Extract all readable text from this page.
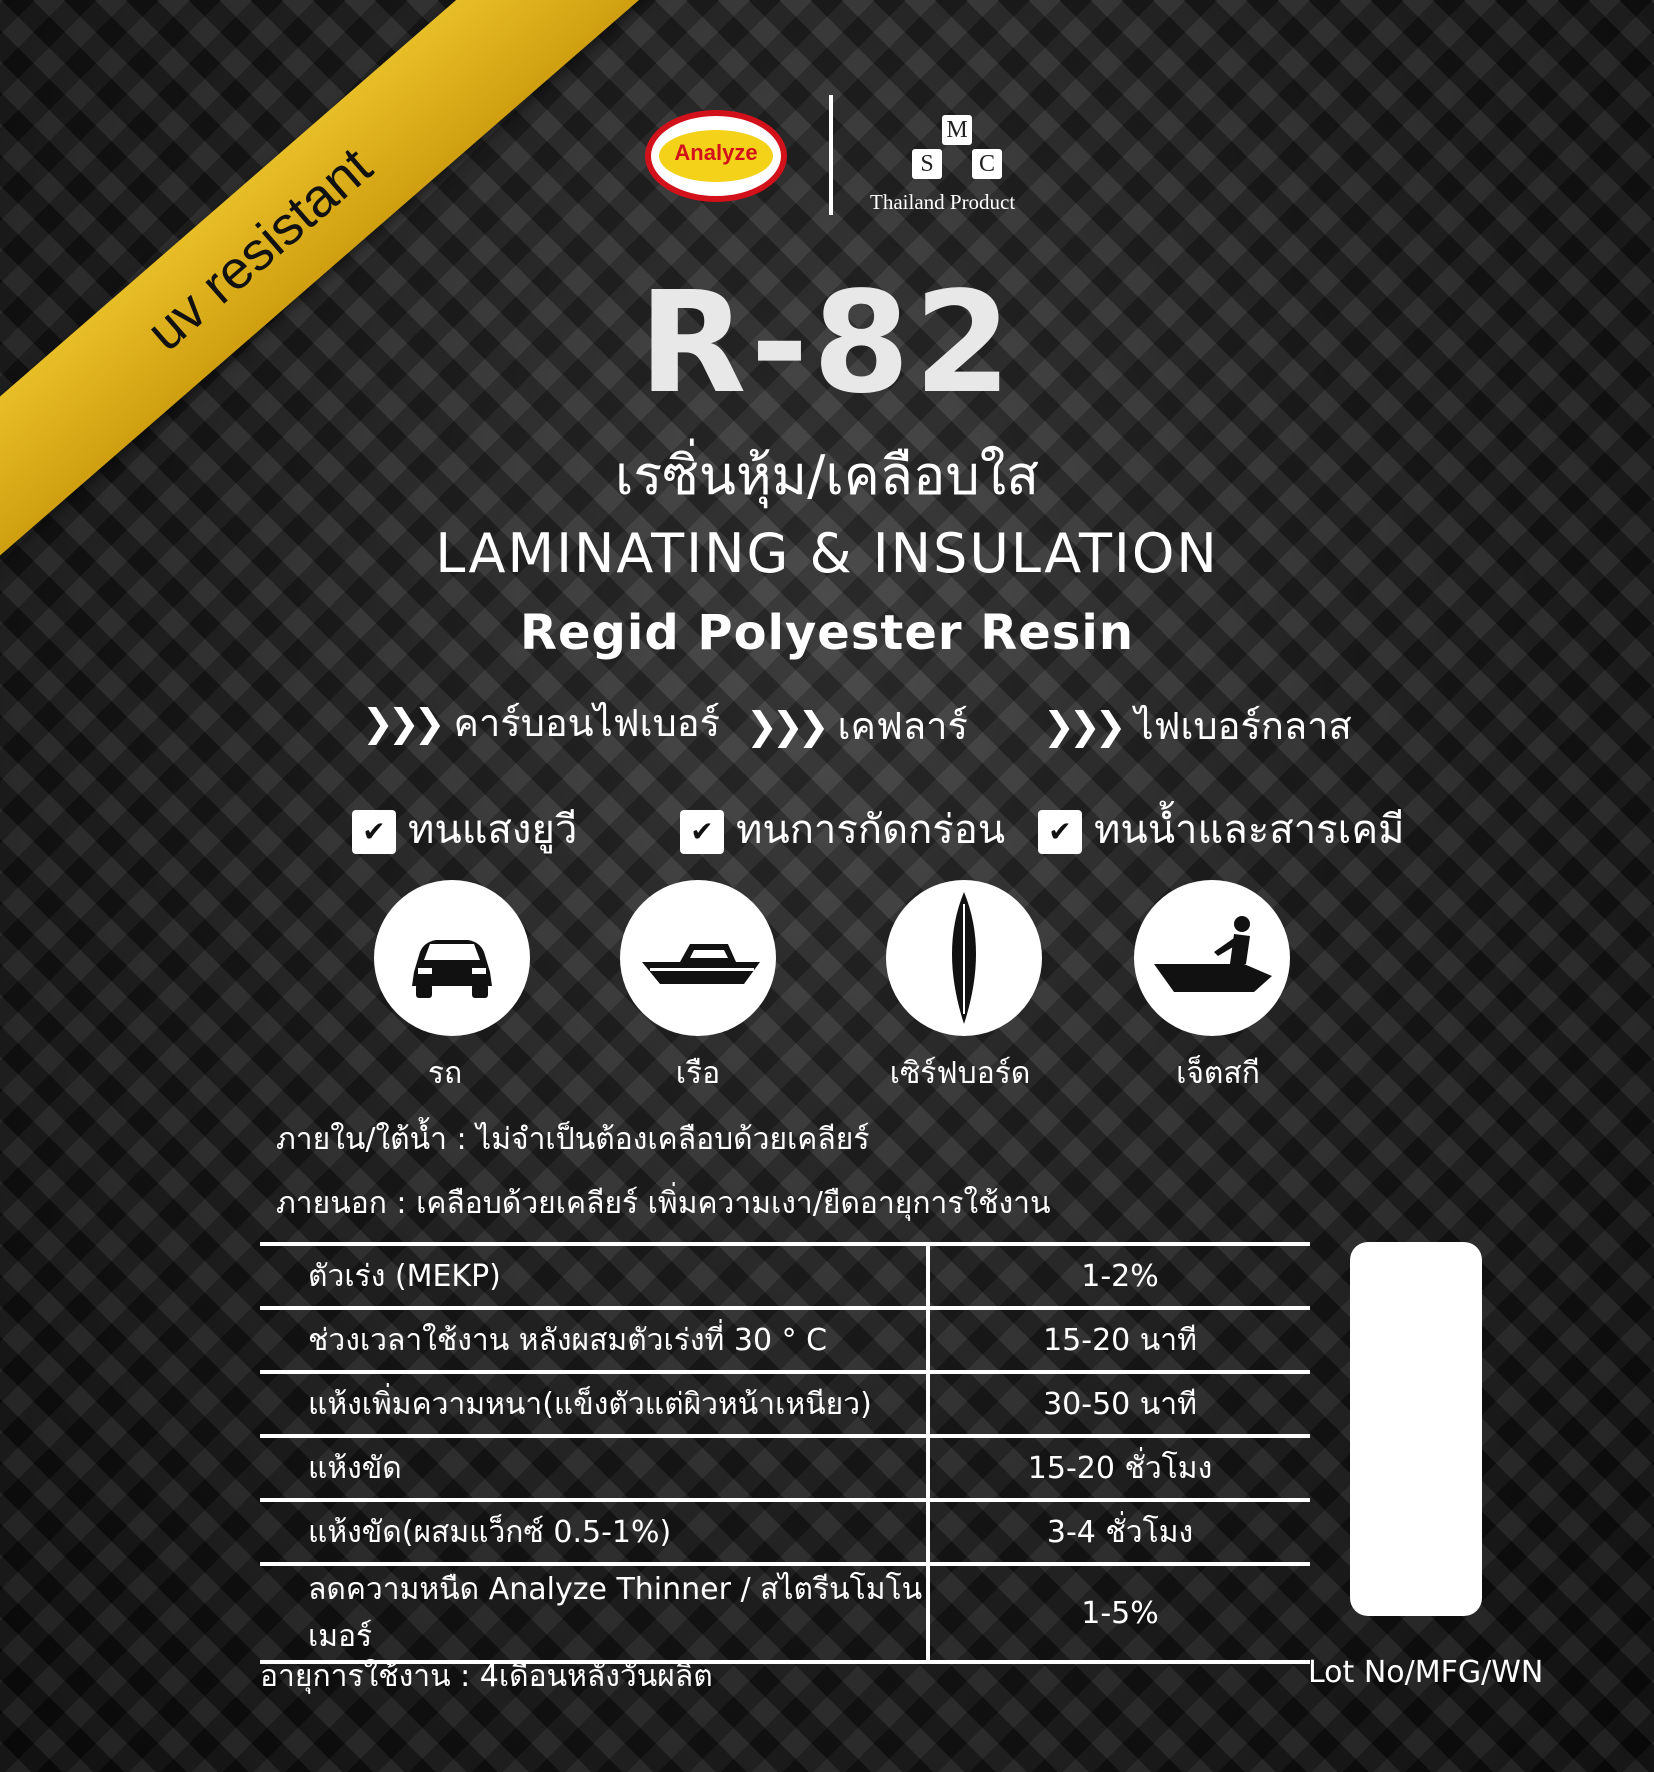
uv resistant	Analyze
M
S	C
Thailand Product
R-82
เรซิ่นหุ้ม/เคลือบใส
LAMINATING & INSULATION
Regid Polyester Resin
❯❯❯ คาร์บอนไฟเบอร์ ❯❯❯ เคฟลาร์ ❯❯❯ ไฟเบอร์กลาส
✔ ทนแสงยูวี	✔ ทนการกัดกร่อน	✔ ทนน้ำและสารเคมี
รถ	เรือ	เซิร์ฟบอร์ด	เจ็ตสกี
ภายใน/ใต้น้ำ : ไม่จำเป็นต้องเคลือบด้วยเคลียร์
ภายนอก : เคลือบด้วยเคลียร์ เพิ่มความเงา/ยืดอายุการใช้งาน
ตัวเร่ง (MEKP)	1-2%
ช่วงเวลาใช้งาน หลังผสมตัวเร่งที่ 30 ° C	15-20 นาที
แห้งเพิ่มความหนา(แข็งตัวแต่ผิวหน้าเหนียว)	30-50 นาที
แห้งขัด	15-20 ชั่วโมง
แห้งขัด(ผสมแว็กซ์ 0.5-1%)	3-4 ชั่วโมง
ลดความหนืด Analyze Thinner / สไตรีนโมโนเมอร์	1-5%
อายุการใช้งาน : 4เดือนหลังวันผลิต	Lot No/MFG/WN
